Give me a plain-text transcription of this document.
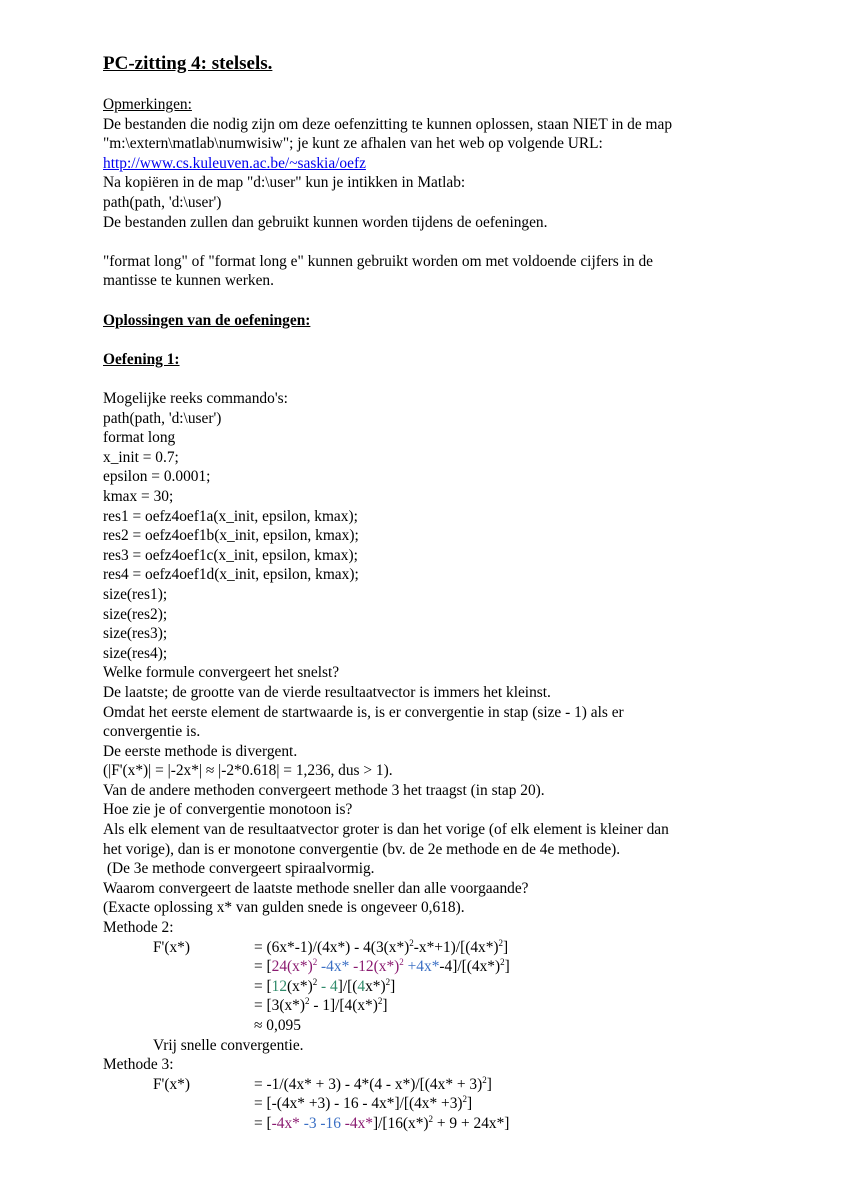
PC-zitting 4: stelsels.
Opmerkingen:
De bestanden die nodig zijn om deze oefenzitting te kunnen oplossen, staan NIET in de map
"m:\extern\matlab\numwisiw"; je kunt ze afhalen van het web op volgende URL:
http://www.cs.kuleuven.ac.be/~saskia/oefz
Na kopiëren in de map "d:\user" kun je intikken in Matlab:
path(path, 'd:\user')
De bestanden zullen dan gebruikt kunnen worden tijdens de oefeningen.
"format long" of "format long e" kunnen gebruikt worden om met voldoende cijfers in de
mantisse te kunnen werken.
Oplossingen van de oefeningen:
Oefening 1:
Mogelijke reeks commando's:
path(path, 'd:\user')
format long
x_init = 0.7;
epsilon = 0.0001;
kmax = 30;
res1 = oefz4oef1a(x_init, epsilon, kmax);
res2 = oefz4oef1b(x_init, epsilon, kmax);
res3 = oefz4oef1c(x_init, epsilon, kmax);
res4 = oefz4oef1d(x_init, epsilon, kmax);
size(res1);
size(res2);
size(res3);
size(res4);
Welke formule convergeert het snelst?
De laatste; de grootte van de vierde resultaatvector is immers het kleinst.
Omdat het eerste element de startwaarde is, is er convergentie in stap (size - 1) als er
convergentie is.
De eerste methode is divergent.
(|F'(x*)| = |-2x*| ≈ |-2*0.618| = 1,236, dus > 1).
Van de andere methoden convergeert methode 3 het traagst (in stap 20).
Hoe zie je of convergentie monotoon is?
Als elk element van de resultaatvector groter is dan het vorige (of elk element is kleiner dan
het vorige), dan is er monotone convergentie (bv. de 2e methode en de 4e methode).
(De 3e methode convergeert spiraalvormig.
Waarom convergeert de laatste methode sneller dan alle voorgaande?
(Exacte oplossing x* van gulden snede is ongeveer 0,618).
Methode 2:
F'(x*)	= $(6x*-1)/(4x*) - 4(3(x*)^2-x*+1)/[(4x*)^2]$
= [$24(x*)^2$ -4x* $-12(x*)^2 +4x*-4]/[(4x*)^2]$
= $[12(x*)^2 - 4]/[(4x*)^2]$
= $[3(x*)^2 - 1]/[4(x*)^2]$
≈ 0,095
Vrij snelle convergentie.
Methode 3:
F'(x*)	= $-1/(4x* + 3) - 4*(4 - x*)/[(4x* + 3)^2]$
= $[-(4x* +3) - 16 - 4x*]/[(4x* +3)^2]$
= [-4x* -3 -16 $-4x*]/[16(x*)^2 + 9 + 24x*]$
